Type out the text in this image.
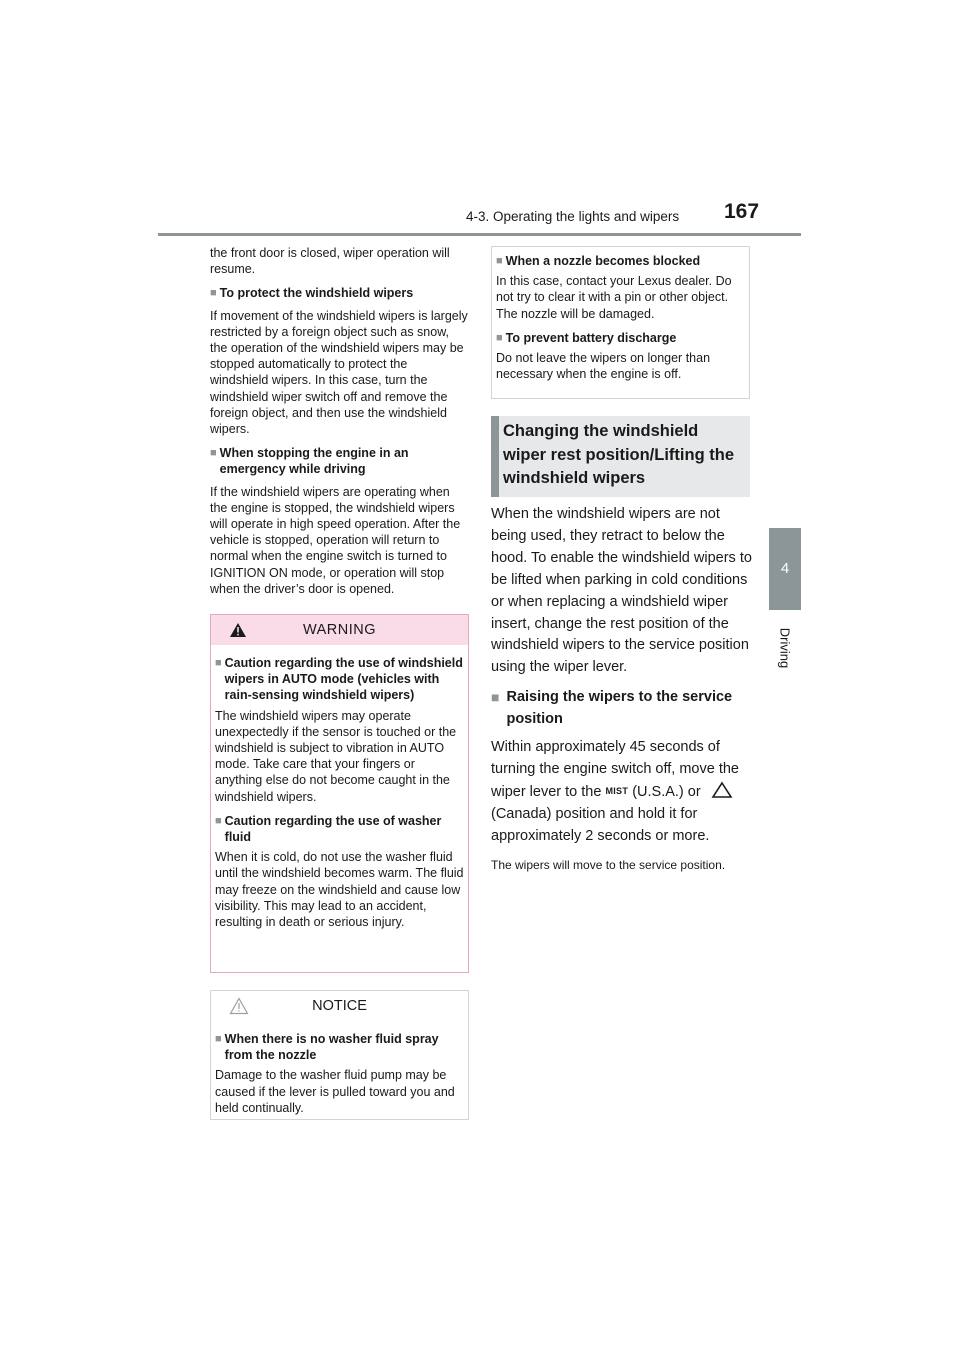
4-3. Operating the lights and wipers	167
4
Driving

the front door is closed, wiper operation will resume.

■ To protect the windshield wipers

If movement of the windshield wipers is largely restricted by a foreign object such as snow, the operation of the windshield wipers may be stopped automatically to protect the windshield wipers. In this case, turn the windshield wiper switch off and remove the foreign object, and then use the windshield wipers.

■ When stopping the engine in an emergency while driving

If the windshield wipers are operating when the engine is stopped, the windshield wipers will operate in high speed operation. After the vehicle is stopped, operation will return to normal when the engine switch is turned to IGNITION ON mode, or operation will stop when the driver’s door is opened.

WARNING
■ Caution regarding the use of windshield wipers in AUTO mode (vehicles with rain-sensing windshield wipers)

The windshield wipers may operate unexpectedly if the sensor is touched or the windshield is subject to vibration in AUTO mode. Take care that your fingers or anything else do not become caught in the windshield wipers.

■ Caution regarding the use of washer fluid

When it is cold, do not use the washer fluid until the windshield becomes warm. The fluid may freeze on the windshield and cause low visibility. This may lead to an accident, resulting in death or serious injury.

NOTICE
■ When there is no washer fluid spray from the nozzle

Damage to the washer fluid pump may be caused if the lever is pulled toward you and held continually.

■ When a nozzle becomes blocked

In this case, contact your Lexus dealer. Do not try to clear it with a pin or other object. The nozzle will be damaged.

■ To prevent battery discharge

Do not leave the wipers on longer than necessary when the engine is off.

Changing the windshield wiper rest position/Lifting the windshield wipers

When the windshield wipers are not being used, they retract to below the hood. To enable the windshield wipers to be lifted when parking in cold conditions or when replacing a windshield wiper insert, change the rest position of the windshield wipers to the service position using the wiper lever.

■ Raising the wipers to the service position

Within approximately 45 seconds of turning the engine switch off, move the wiper lever to the MIST (U.S.A.) or  (Canada) position and hold it for approximately 2 seconds or more.

The wipers will move to the service position.
